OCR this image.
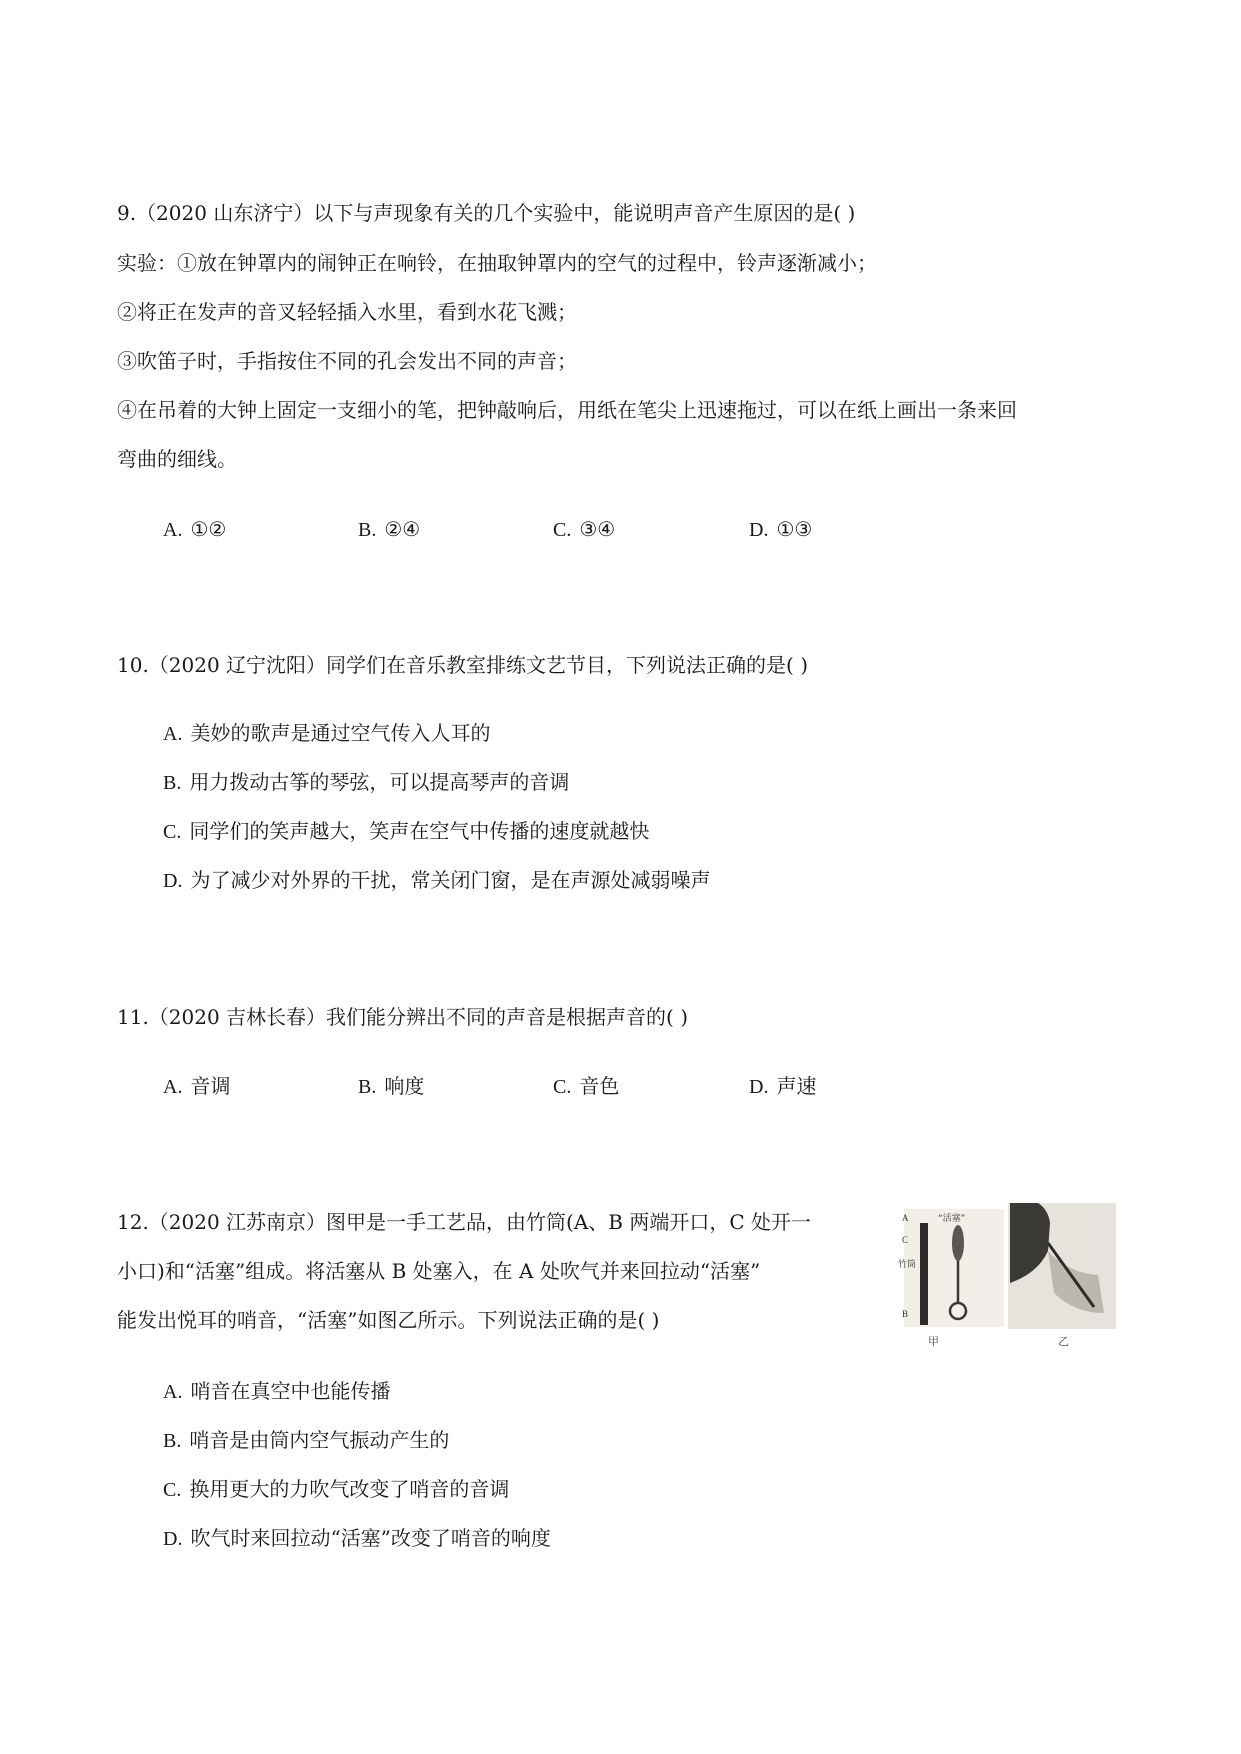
9.（2020 山东济宁）以下与声现象有关的几个实验中，能说明声音产生原因的是( )
实验：①放在钟罩内的闹钟正在响铃，在抽取钟罩内的空气的过程中，铃声逐渐减小；
②将正在发声的音叉轻轻插入水里，看到水花飞溅；
③吹笛子时，手指按住不同的孔会发出不同的声音；
④在吊着的大钟上固定一支细小的笔，把钟敲响后，用纸在笔尖上迅速拖过，可以在纸上画出一条来回
弯曲的细线。
A. ①②	B. ②④	C. ③④	D. ①③
10.（2020 辽宁沈阳）同学们在音乐教室排练文艺节目，下列说法正确的是( )
A. 美妙的歌声是通过空气传入人耳的
B. 用力拨动古筝的琴弦，可以提高琴声的音调
C. 同学们的笑声越大，笑声在空气中传播的速度就越快
D. 为了减少对外界的干扰，常关闭门窗，是在声源处减弱噪声
11.（2020 吉林长春）我们能分辨出不同的声音是根据声音的( )
A. 音调	B. 响度	C. 音色	D. 声速
12.（2020 江苏南京）图甲是一手工艺品，由竹筒(A、B 两端开口，C 处开一
小口)和“活塞”组成。将活塞从 B 处塞入，在 A 处吹气并来回拉动“活塞”
能发出悦耳的哨音，“活塞”如图乙所示。下列说法正确的是( )
A
C
竹筒
B
“活塞”
甲	乙
A. 哨音在真空中也能传播
B. 哨音是由筒内空气振动产生的
C. 换用更大的力吹气改变了哨音的音调
D. 吹气时来回拉动“活塞”改变了哨音的响度
